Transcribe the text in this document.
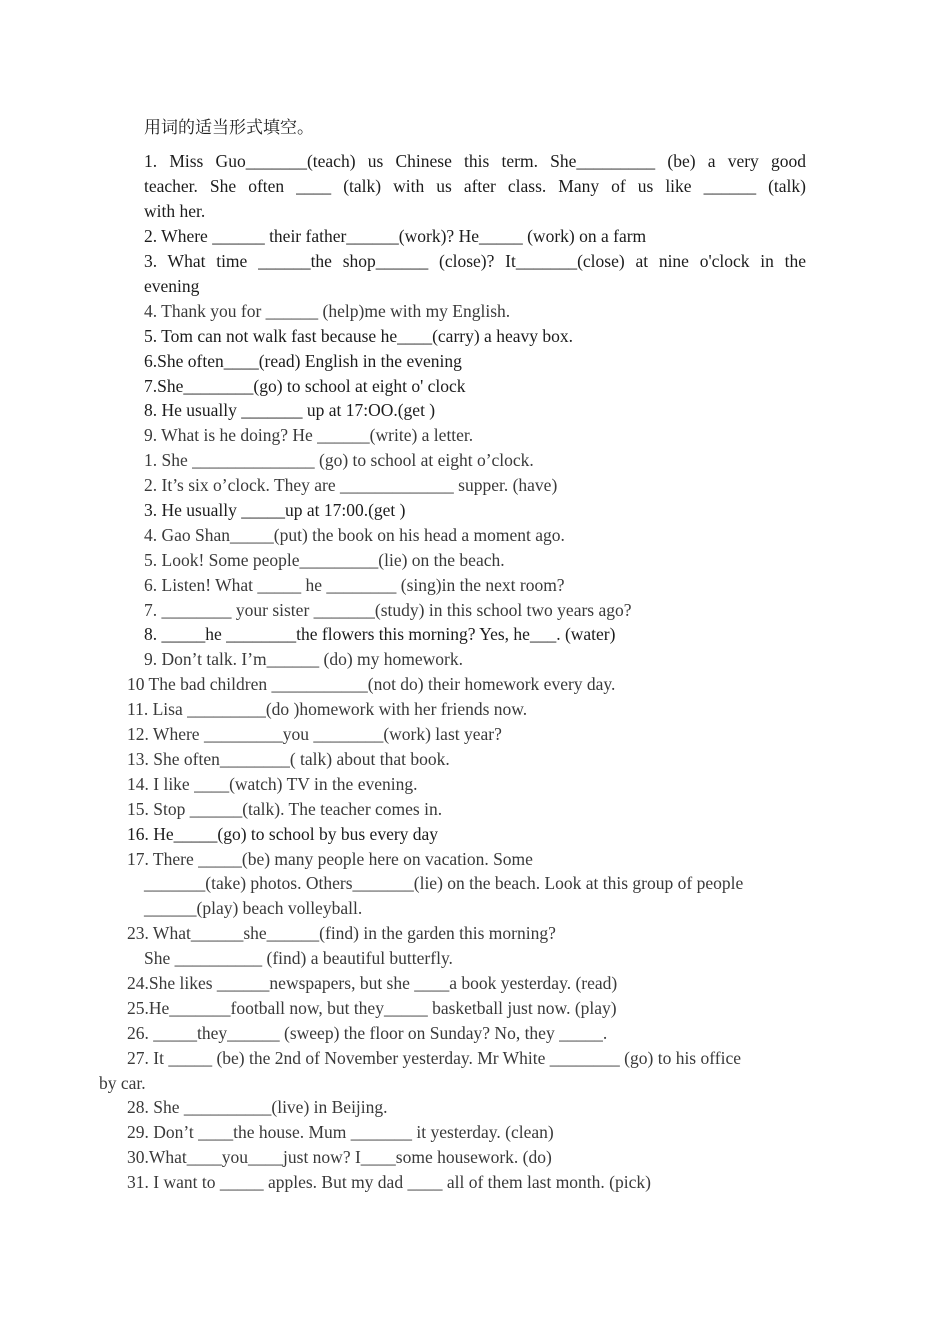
用词的适当形式填空。
1. Miss Guo_______(teach) us Chinese this term. She_________ (be) a very good
teacher. She often ____ (talk) with us after class. Many of us like ______ (talk)
with her.
2. Where ______ their father______(work)? He_____ (work) on a farm
3. What time ______the shop______ (close)? It_______(close) at nine o'clock in the
evening
4. Thank you for ______ (help)me with my English.
5. Tom can not walk fast because he____(carry) a heavy box.
6.She often____(read) English in the evening
7.She________(go) to school at eight o' clock
8. He usually _______ up at 17:OO.(get )
9. What is he doing? He ______(write) a letter.
1. She ______________ (go) to school at eight o’clock.
2. It’s six o’clock. They are _____________ supper. (have)
3. He usually _____up at 17:00.(get )
4. Gao Shan_____(put) the book on his head a moment ago.
5. Look! Some people_________(lie) on the beach.
6. Listen! What _____ he ________ (sing)in the next room?
7. ________ your sister _______(study) in this school two years ago?
8. _____he ________the flowers this morning? Yes, he___. (water)
9. Don’t talk. I’m______ (do) my homework.
10 The bad children ___________(not do) their homework every day.
11. Lisa _________(do )homework with her friends now.
12. Where _________you ________(work) last year?
13. She often________( talk) about that book.
14. I like ____(watch) TV in the evening.
15. Stop ______(talk). The teacher comes in.
16. He_____(go) to school by bus every day
17. There _____(be) many people here on vacation. Some
_______(take) photos. Others_______(lie) on the beach. Look at this group of people
______(play) beach volleyball.
23. What______she______(find) in the garden this morning?
She __________ (find) a beautiful butterfly.
24.She likes ______newspapers, but she ____a book yesterday. (read)
25.He_______football now, but they_____ basketball just now. (play)
26. _____they______ (sweep) the floor on Sunday? No, they _____.
27. It _____ (be) the 2nd of November yesterday. Mr White ________ (go) to his office
by car.
28. She __________(live) in Beijing.
29. Don’t ____the house. Mum _______ it yesterday. (clean)
30.What____you____just now? I____some housework. (do)
31. I want to _____ apples. But my dad ____ all of them last month. (pick)
